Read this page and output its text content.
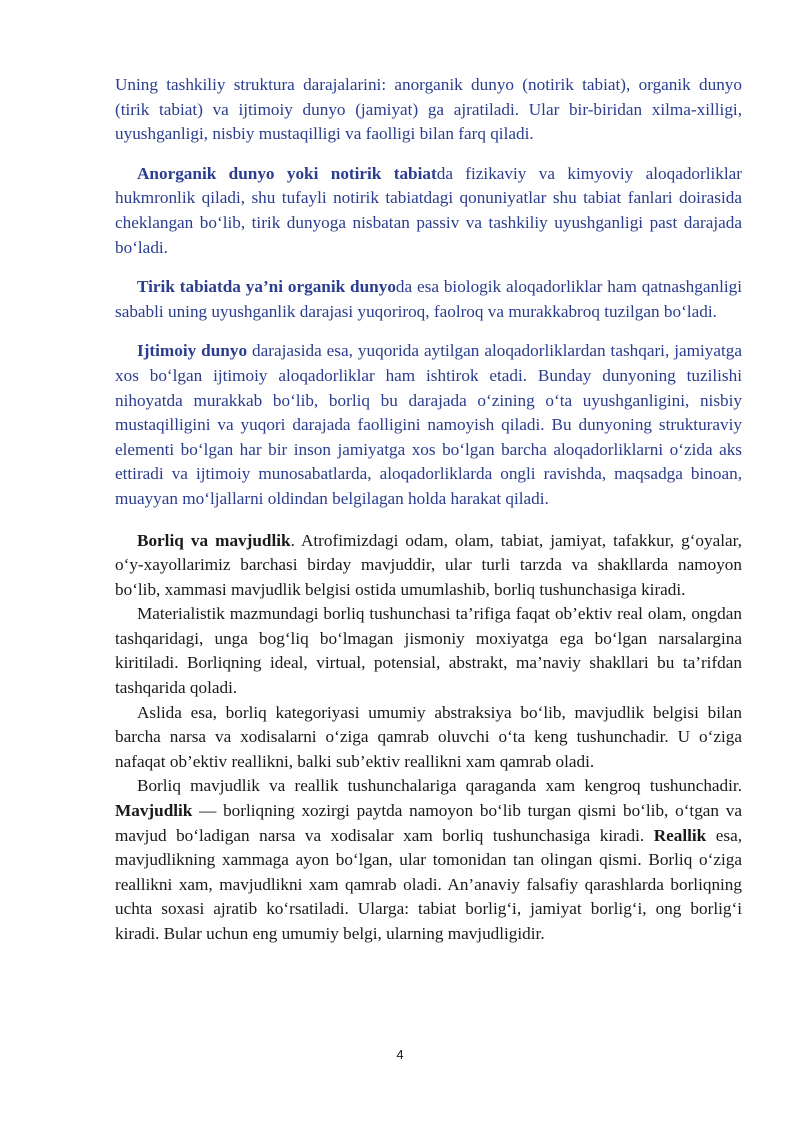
Uning tashkiliy struktura darajalarini: anorganik dunyo (notirik tabiat), organik dunyo (tirik tabiat) va ijtimoiy dunyo (jamiyat) ga ajratiladi. Ular bir-biridan xilma-xilligi, uyushganligi, nisbiy mustaqilligi va faolligi bilan farq qiladi.

Anorganik dunyo yoki notirik tabiatda fizikaviy va kimyoviy aloqadorliklar hukmronlik qiladi, shu tufayli notirik tabiatdagi qonuniyatlar shu tabiat fanlari doirasida cheklangan bo‘lib, tirik dunyoga nisbatan passiv va tashkiliy uyushganligi past darajada bo‘ladi.

Tirik tabiatda ya’ni organik dunyoda esa biologik aloqadorliklar ham qatnashganligi sababli uning uyushganlik darajasi yuqoriroq, faolroq va murakkabroq tuzilgan bo‘ladi.

Ijtimoiy dunyo darajasida esa, yuqorida aytilgan aloqadorliklardan tashqari, jamiyatga xos bo‘lgan ijtimoiy aloqadorliklar ham ishtirok etadi. Bunday dunyoning tuzilishi nihoyatda murakkab bo‘lib, borliq bu darajada o‘zining o‘ta uyushganligini, nisbiy mustaqilligini va yuqori darajada faolligini namoyish qiladi. Bu dunyoning strukturaviy elementi bo‘lgan har bir inson jamiyatga xos bo‘lgan barcha aloqadorliklarni o‘zida aks ettiradi va ijtimoiy munosabatlarda, aloqadorliklarda ongli ravishda, maqsadga binoan, muayyan mo‘ljallarni oldindan belgilagan holda harakat qiladi.

Borliq va mavjudlik. Atrofimizdagi odam, olam, tabiat, jamiyat, tafakkur, g‘oyalar, o‘y-xayollarimiz barchasi birday mavjuddir, ular turli tarzda va shakllarda namoyon bo‘lib, xammasi mavjudlik belgisi ostida umumlashib, borliq tushunchasiga kiradi.

Materialistik mazmundagi borliq tushunchasi ta’rifiga faqat ob’ektiv real olam, ongdan tashqaridagi, unga bog‘liq bo‘lmagan jismoniy moxiyatga ega bo‘lgan narsalargina kiritiladi. Borliqning ideal, virtual, potensial, abstrakt, ma’naviy shakllari bu ta’rifdan tashqarida qoladi.

Aslida esa, borliq kategoriyasi umumiy abstraksiya bo‘lib, mavjudlik belgisi bilan barcha narsa va xodisalarni o‘ziga qamrab oluvchi o‘ta keng tushunchadir. U o‘ziga nafaqat ob’ektiv reallikni, balki sub’ektiv reallikni xam qamrab oladi.

Borliq mavjudlik va reallik tushunchalariga qaraganda xam kengroq tushunchadir. Mavjudlik — borliqning xozirgi paytda namoyon bo‘lib turgan qismi bo‘lib, o‘tgan va mavjud bo‘ladigan narsa va xodisalar xam borliq tushunchasiga kiradi. Reallik esa, mavjudlikning xammaga ayon bo‘lgan, ular tomonidan tan olingan qismi. Borliq o‘ziga reallikni xam, mavjudlikni xam qamrab oladi. An’anaviy falsafiy qarashlarda borliqning uchta soxasi ajratib ko‘rsatiladi. Ularga: tabiat borlig‘i, jamiyat borlig‘i, ong borlig‘i kiradi. Bular uchun eng umumiy belgi, ularning mavjudligidir.

4
